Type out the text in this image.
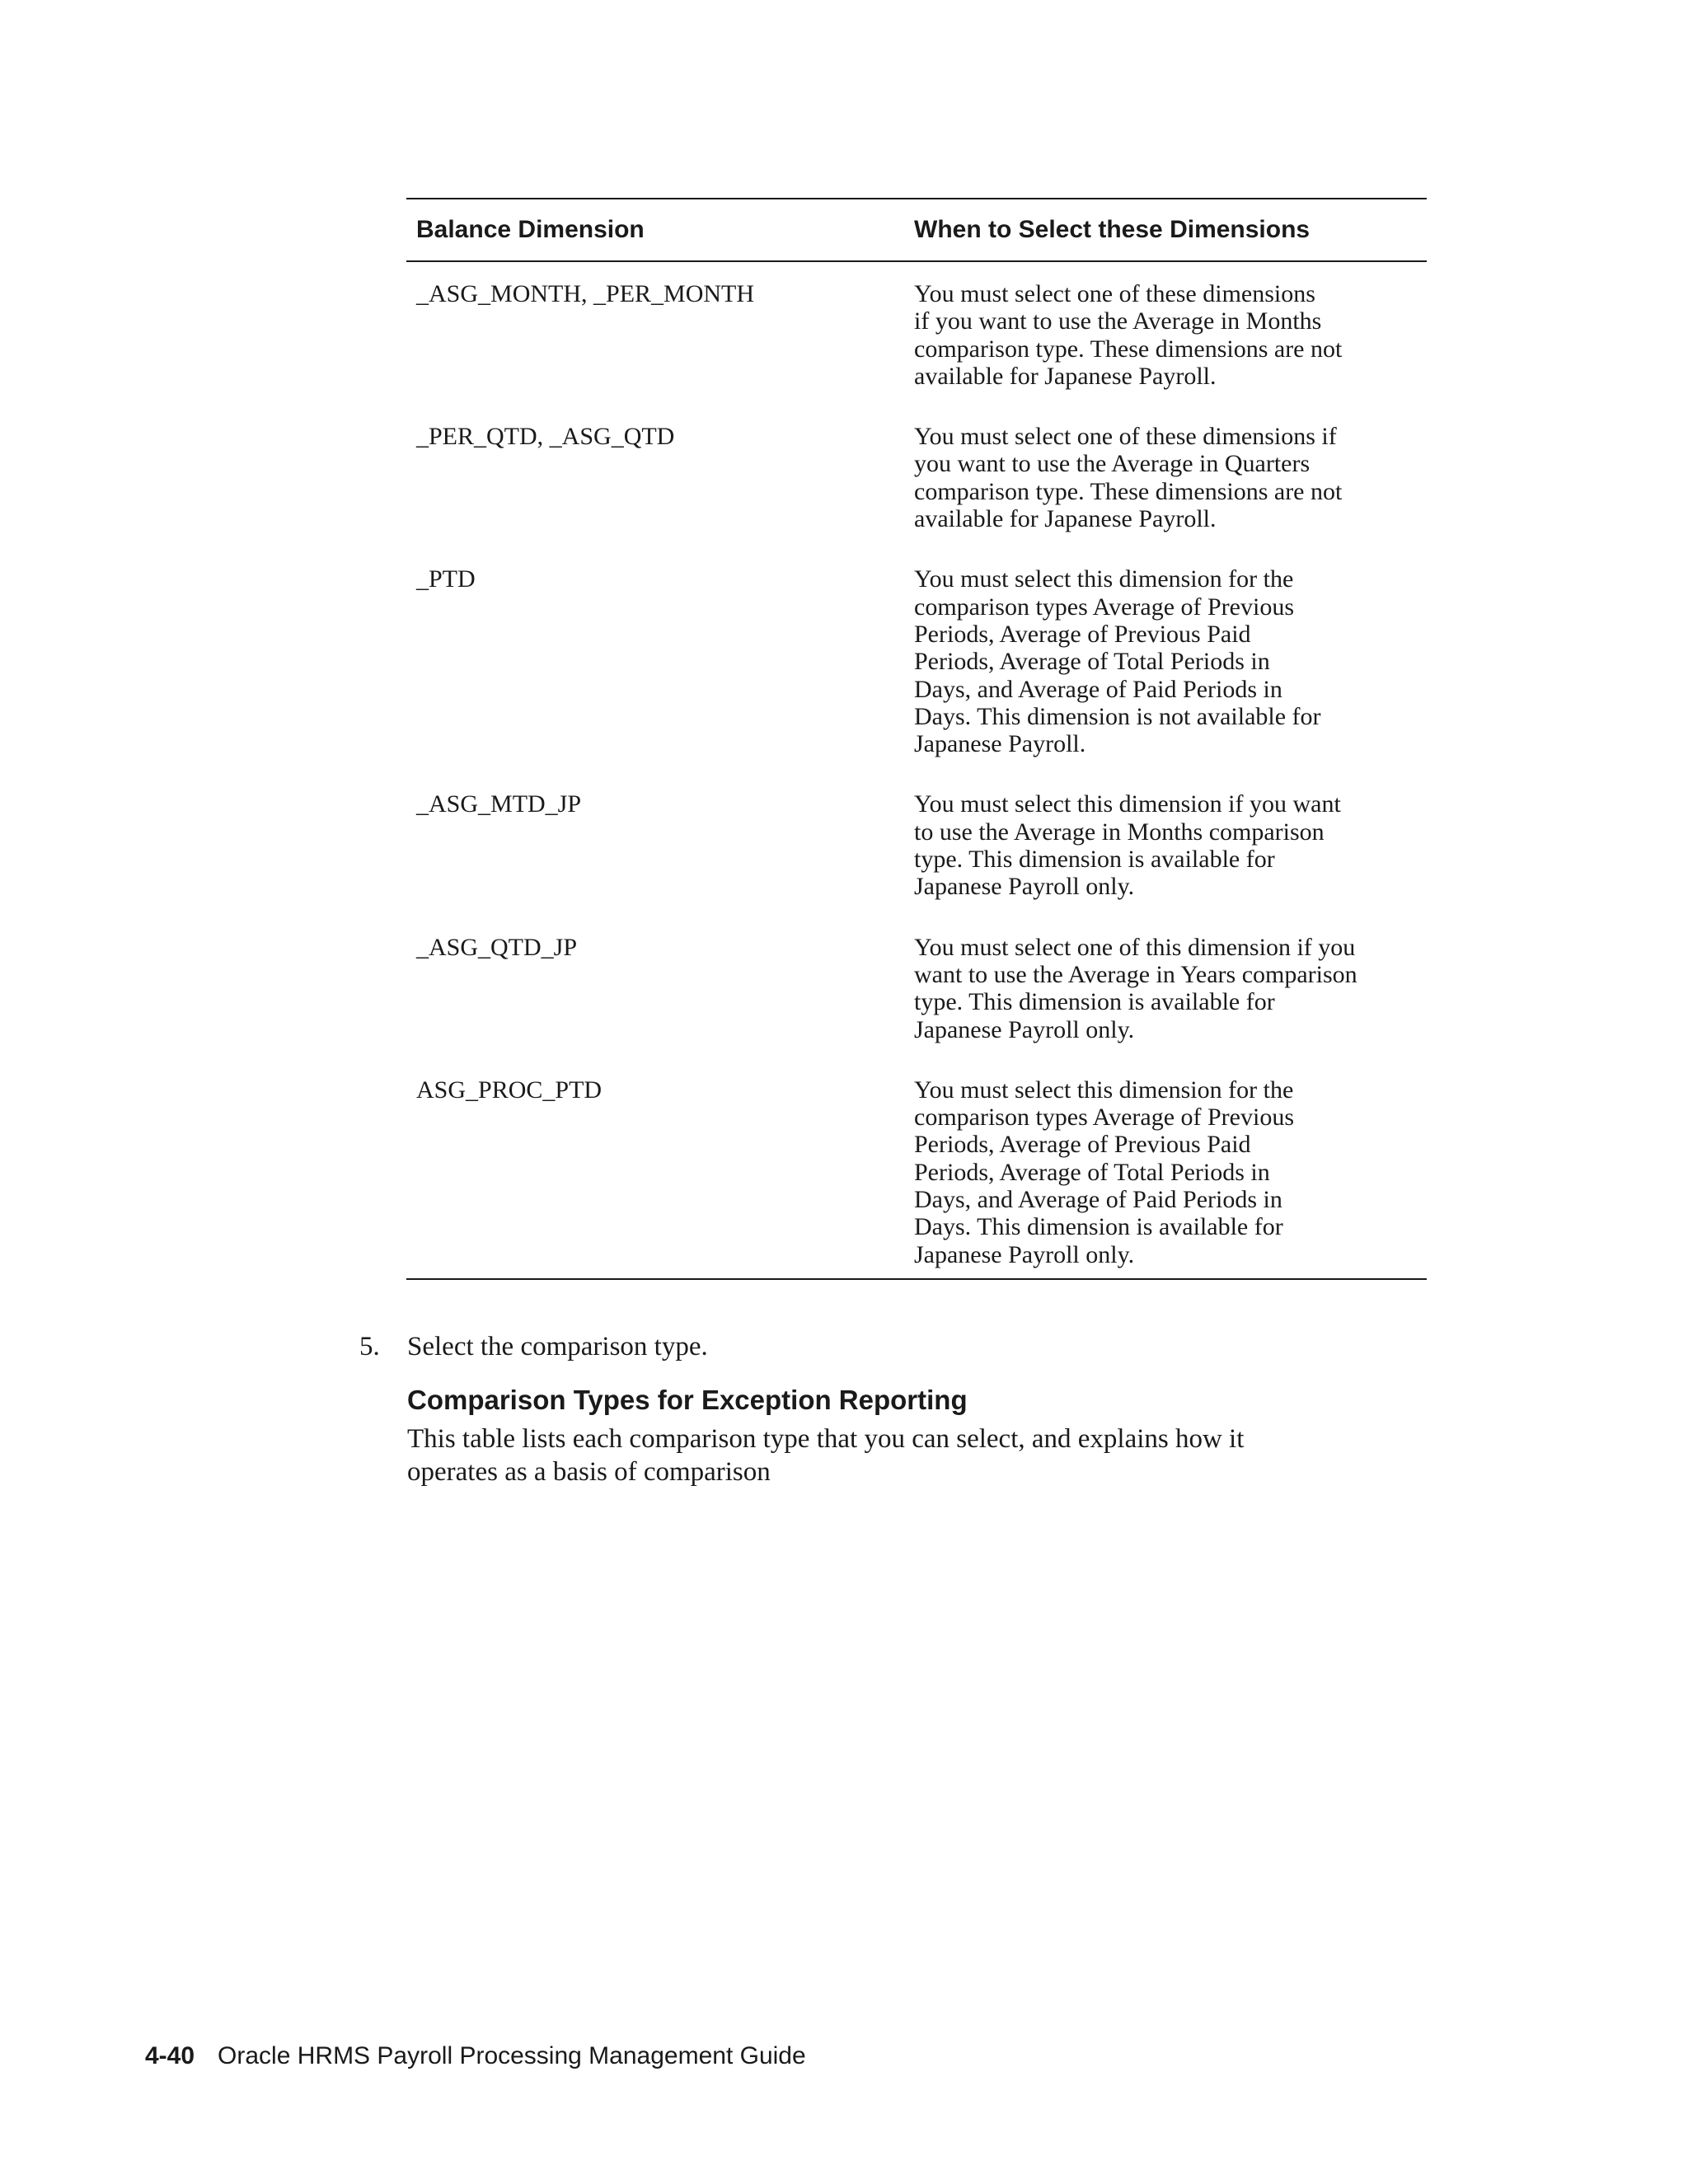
Balance Dimension	When to Select these Dimensions
_ASG_MONTH, _PER_MONTH	You must select one of these dimensions
if you want to use the Average in Months
comparison type. These dimensions are not
available for Japanese Payroll.
_PER_QTD, _ASG_QTD	You must select one of these dimensions if
you want to use the Average in Quarters
comparison type. These dimensions are not
available for Japanese Payroll.
_PTD	You must select this dimension for the
comparison types Average of Previous
Periods, Average of Previous Paid
Periods, Average of Total Periods in
Days, and Average of Paid Periods in
Days. This dimension is not available for
Japanese Payroll.
_ASG_MTD_JP	You must select this dimension if you want
to use the Average in Months comparison
type. This dimension is available for
Japanese Payroll only.
_ASG_QTD_JP	You must select one of this dimension if you
want to use the Average in Years comparison
type. This dimension is available for
Japanese Payroll only.
ASG_PROC_PTD	You must select this dimension for the
comparison types Average of Previous
Periods, Average of Previous Paid
Periods, Average of Total Periods in
Days, and Average of Paid Periods in
Days. This dimension is available for
Japanese Payroll only.
5.	Select the comparison type.
Comparison Types for Exception Reporting
This table lists each comparison type that you can select, and explains how it
operates as a basis of comparison
4-40 Oracle HRMS Payroll Processing Management Guide
